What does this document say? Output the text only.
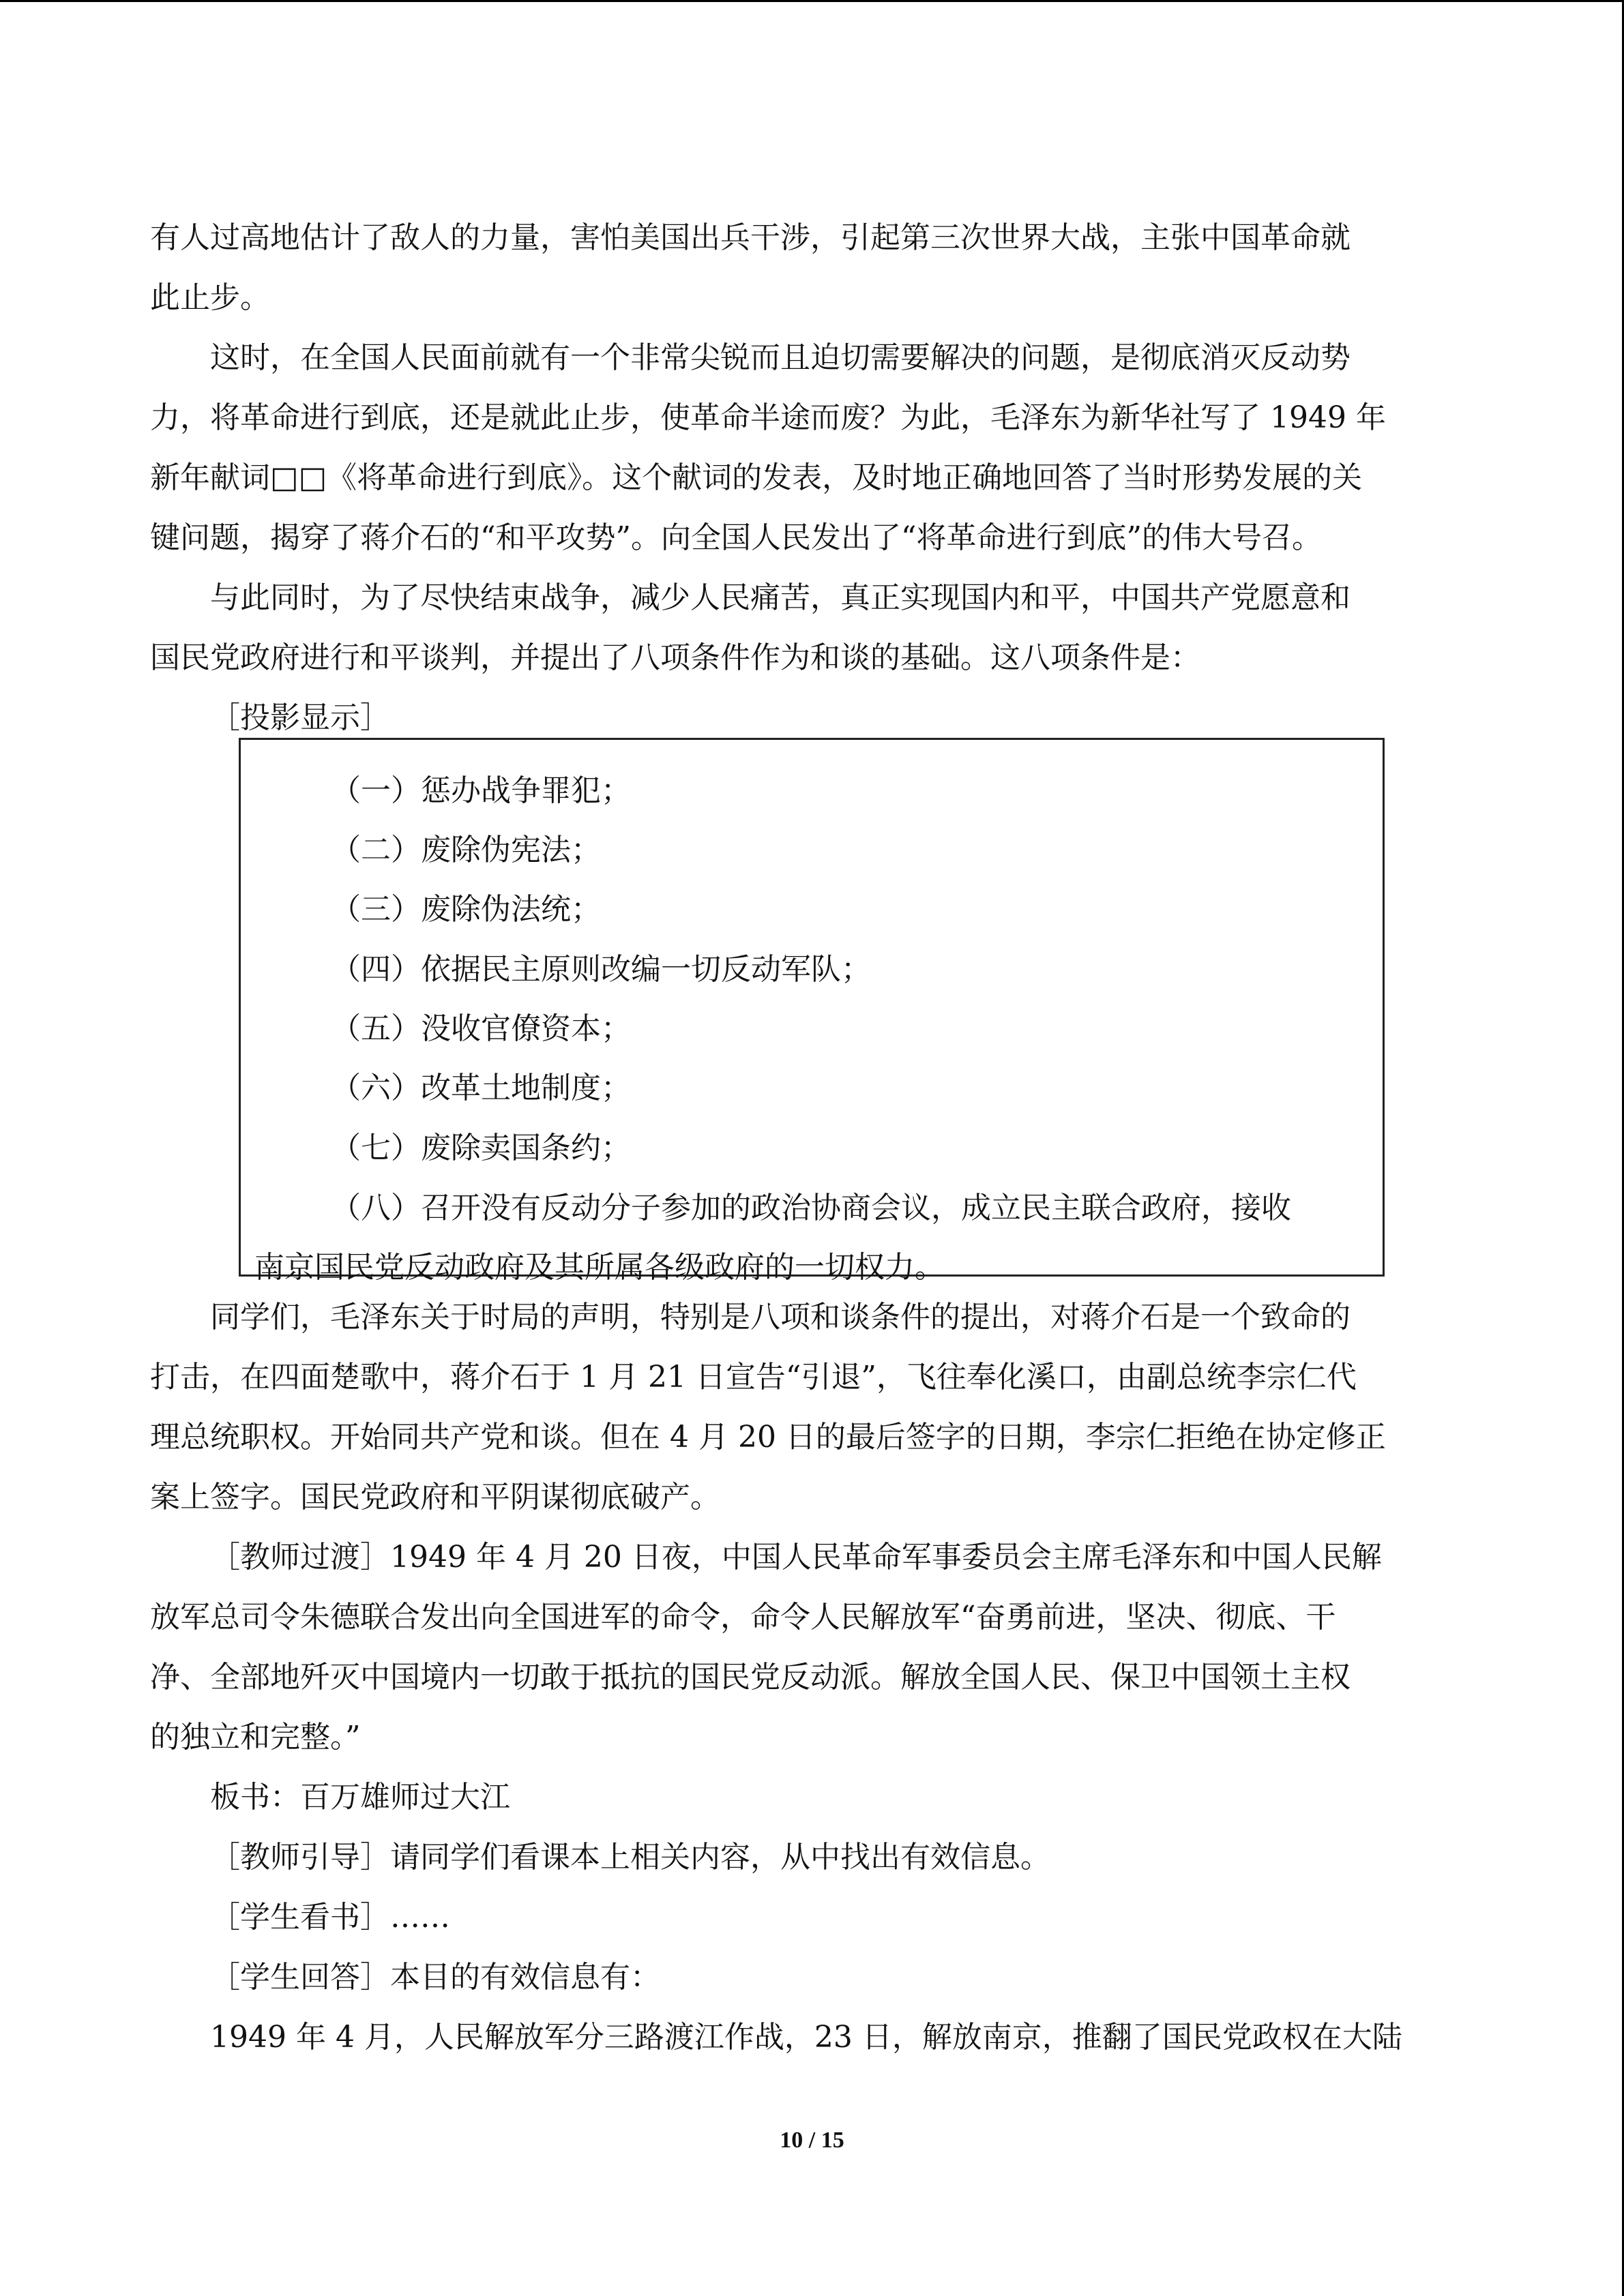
有人过高地估计了敌人的力量，害怕美国出兵干涉，引起第三次世界大战，主张中国革命就
此止步。
这时，在全国人民面前就有一个非常尖锐而且迫切需要解决的问题，是彻底消灭反动势
力，将革命进行到底，还是就此止步，使革命半途而废？为此，毛泽东为新华社写了 1949 年
新年献词□□《将革命进行到底》。这个献词的发表，及时地正确地回答了当时形势发展的关
键问题，揭穿了蒋介石的“和平攻势”。向全国人民发出了“将革命进行到底”的伟大号召。
与此同时，为了尽快结束战争，减少人民痛苦，真正实现国内和平，中国共产党愿意和
国民党政府进行和平谈判，并提出了八项条件作为和谈的基础。这八项条件是：
［投影显示］
（一）惩办战争罪犯；
（二）废除伪宪法；
（三）废除伪法统；
（四）依据民主原则改编一切反动军队；
（五）没收官僚资本；
（六）改革土地制度；
（七）废除卖国条约；
（八）召开没有反动分子参加的政治协商会议，成立民主联合政府，接收
南京国民党反动政府及其所属各级政府的一切权力。
同学们，毛泽东关于时局的声明，特别是八项和谈条件的提出，对蒋介石是一个致命的
打击，在四面楚歌中，蒋介石于 1 月 21 日宣告“引退”，飞往奉化溪口，由副总统李宗仁代
理总统职权。开始同共产党和谈。但在 4 月 20 日的最后签字的日期，李宗仁拒绝在协定修正
案上签字。国民党政府和平阴谋彻底破产。
［教师过渡］1949 年 4 月 20 日夜，中国人民革命军事委员会主席毛泽东和中国人民解
放军总司令朱德联合发出向全国进军的命令，命令人民解放军“奋勇前进，坚决、彻底、干
净、全部地歼灭中国境内一切敢于抵抗的国民党反动派。解放全国人民、保卫中国领土主权
的独立和完整。”
板书：百万雄师过大江
［教师引导］请同学们看课本上相关内容，从中找出有效信息。
［学生看书］……
［学生回答］本目的有效信息有：
1949 年 4 月，人民解放军分三路渡江作战，23 日，解放南京，推翻了国民党政权在大陆
10 / 15
